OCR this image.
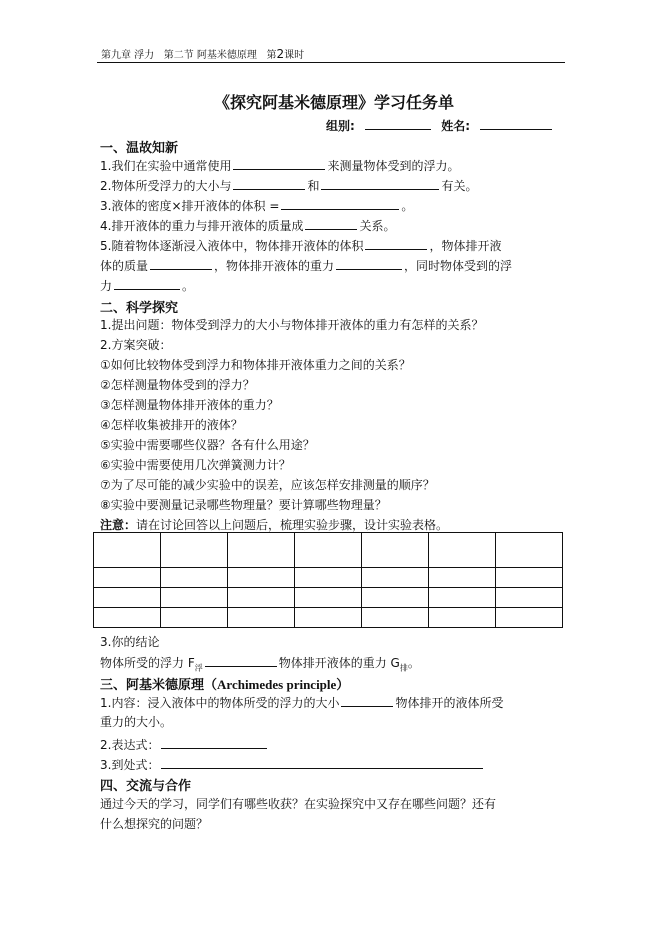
第九章 浮力 第二节 阿基米德原理 第2课时
《探究阿基米德原理》学习任务单
组别:	姓名:
一、温故知新
1.我们在实验中通常使用	来测量物体受到的浮力。
2.物体所受浮力的大小与	和	有关。
3.液体的密度×排开液体的体积 =	。
4.排开液体的重力与排开液体的质量成	关系。
5.随着物体逐渐浸入液体中，物体排开液体的体积	，物体排开液
体的质量	，物体排开液体的重力	，同时物体受到的浮
力	。
二、科学探究
1.提出问题：物体受到浮力的大小与物体排开液体的重力有怎样的关系？
2.方案突破：
①如何比较物体受到浮力和物体排开液体重力之间的关系？
②怎样测量物体受到的浮力？
③怎样测量物体排开液体的重力？
④怎样收集被排开的液体？
⑤实验中需要哪些仪器？各有什么用途？
⑥实验中需要使用几次弹簧测力计？
⑦为了尽可能的减少实验中的误差，应该怎样安排测量的顺序？
⑧实验中要测量记录哪些物理量？要计算哪些物理量？
注意：请在讨论回答以上问题后，梳理实验步骤，设计实验表格。

3.你的结论
物体所受的浮力 $F_浮$	物体排开液体的重力 $G_排$。
三、阿基米德原理（Archimedes principle）
1.内容：浸入液体中的物体所受的浮力的大小	物体排开的液体所受
重力的大小。
2.表达式：
3.到处式：
四、交流与合作
通过今天的学习，同学们有哪些收获？在实验探究中又存在哪些问题？还有
什么想探究的问题？
